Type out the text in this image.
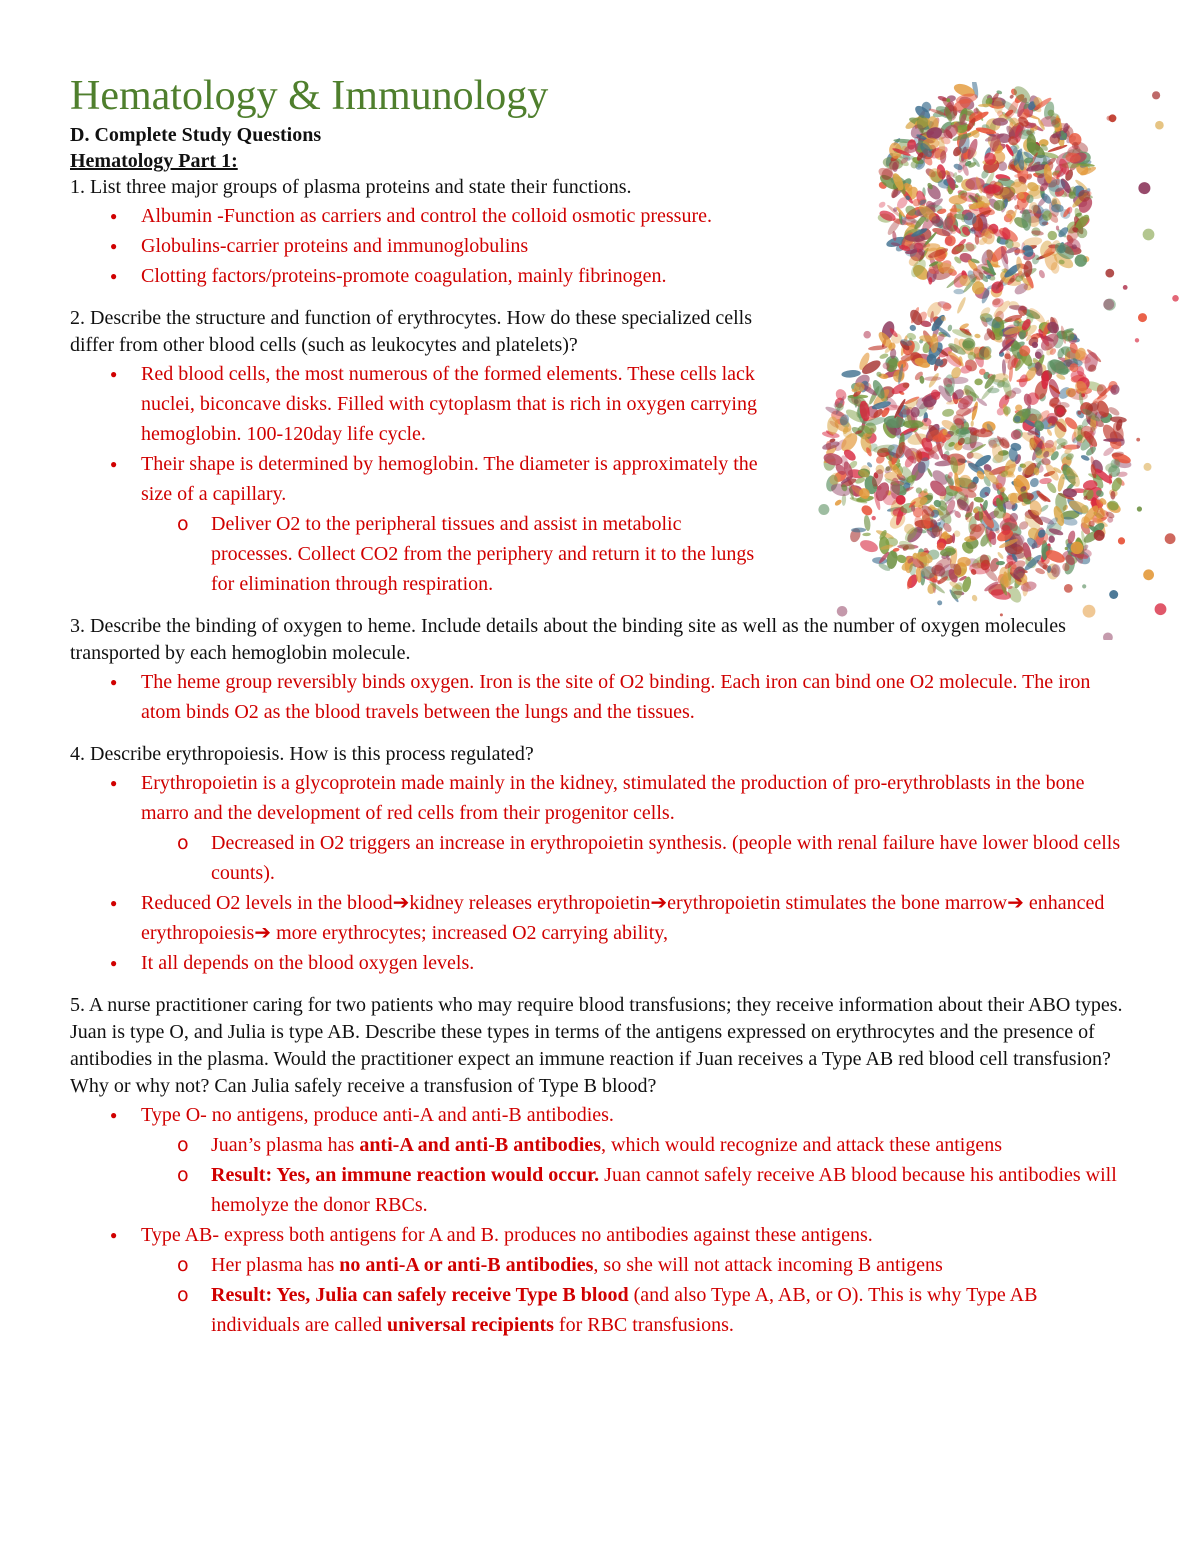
Hematology & Immunology

D. Complete Study Questions

Hematology Part 1:

1. List three major groups of plasma proteins and state their functions.

● Albumin -Function as carriers and control the colloid osmotic pressure.
● Globulins-carrier proteins and immunoglobulins
● Clotting factors/proteins-promote coagulation, mainly fibrinogen.

2. Describe the structure and function of erythrocytes. How do these specialized cells differ from other blood cells (such as leukocytes and platelets)?

● Red blood cells, the most numerous of the formed elements. These cells lack nuclei, biconcave disks. Filled with cytoplasm that is rich in oxygen carrying hemoglobin. 100-120day life cycle.
● Their shape is determined by hemoglobin. The diameter is approximately the size of a capillary.
o Deliver O2 to the peripheral tissues and assist in metabolic processes. Collect CO2 from the periphery and return it to the lungs for elimination through respiration.

3. Describe the binding of oxygen to heme. Include details about the binding site as well as the number of oxygen molecules transported by each hemoglobin molecule.

● The heme group reversibly binds oxygen. Iron is the site of O2 binding. Each iron can bind one O2 molecule. The iron atom binds O2 as the blood travels between the lungs and the tissues.

4. Describe erythropoiesis. How is this process regulated?

● Erythropoietin is a glycoprotein made mainly in the kidney, stimulated the production of pro-erythroblasts in the bone marro and the development of red cells from their progenitor cells.
o Decreased in O2 triggers an increase in erythropoietin synthesis. (people with renal failure have lower blood cells counts).
● Reduced O2 levels in the blood➔kidney releases erythropoietin➔erythropoietin stimulates the bone marrow➔ enhanced erythropoiesis➔ more erythrocytes; increased O2 carrying ability,
● It all depends on the blood oxygen levels.

5. A nurse practitioner caring for two patients who may require blood transfusions; they receive information about their ABO types. Juan is type O, and Julia is type AB. Describe these types in terms of the antigens expressed on erythrocytes and the presence of antibodies in the plasma. Would the practitioner expect an immune reaction if Juan receives a Type AB red blood cell transfusion? Why or why not? Can Julia safely receive a transfusion of Type B blood?

● Type O- no antigens, produce anti-A and anti-B antibodies.
o Juan’s plasma has anti-A and anti-B antibodies, which would recognize and attack these antigens
o Result: Yes, an immune reaction would occur. Juan cannot safely receive AB blood because his antibodies will hemolyze the donor RBCs.
● Type AB- express both antigens for A and B. produces no antibodies against these antigens.
o Her plasma has no anti-A or anti-B antibodies, so she will not attack incoming B antigens
o Result: Yes, Julia can safely receive Type B blood (and also Type A, AB, or O). This is why Type AB individuals are called universal recipients for RBC transfusions.
